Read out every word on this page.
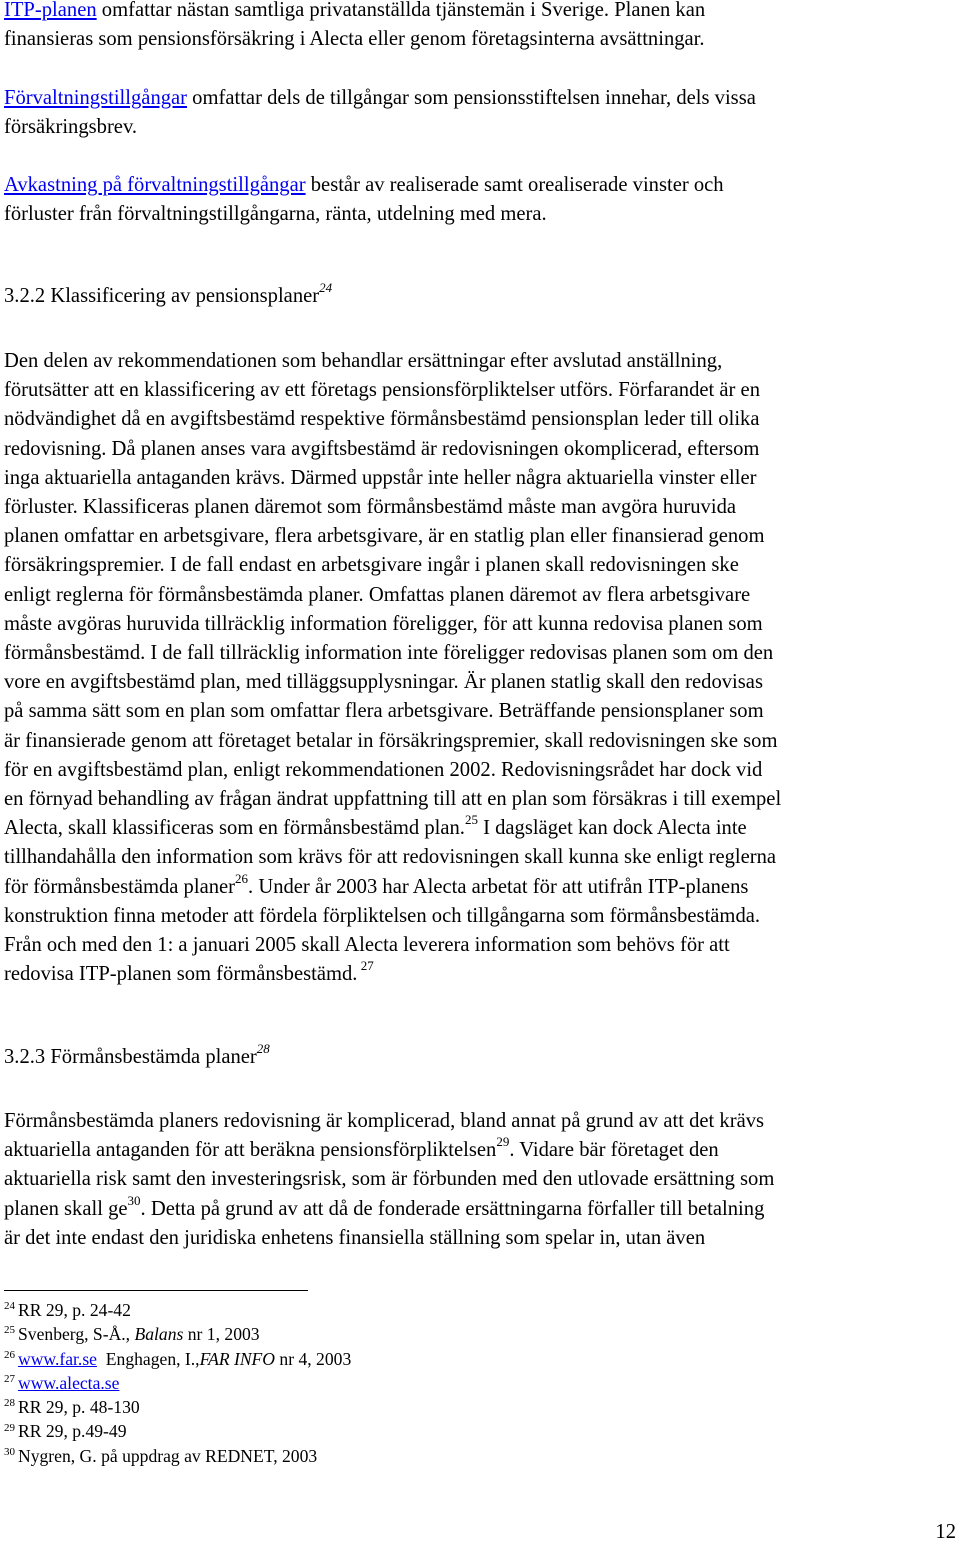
ITP-planen omfattar nästan samtliga privatanställda tjänstemän i Sverige. Planen kan
finansieras som pensionsförsäkring i Alecta eller genom företagsinterna avsättningar.
Förvaltningstillgångar omfattar dels de tillgångar som pensionsstiftelsen innehar, dels vissa
försäkringsbrev.
Avkastning på förvaltningstillgångar består av realiserade samt orealiserade vinster och
förluster från förvaltningstillgångarna, ränta, utdelning med mera.
3.2.2 Klassificering av pensionsplaner$^{24}$
Den delen av rekommendationen som behandlar ersättningar efter avslutad anställning,
förutsätter att en klassificering av ett företags pensionsförpliktelser utförs. Förfarandet är en
nödvändighet då en avgiftsbestämd respektive förmånsbestämd pensionsplan leder till olika
redovisning. Då planen anses vara avgiftsbestämd är redovisningen okomplicerad, eftersom
inga aktuariella antaganden krävs. Därmed uppstår inte heller några aktuariella vinster eller
förluster. Klassificeras planen däremot som förmånsbestämd måste man avgöra huruvida
planen omfattar en arbetsgivare, flera arbetsgivare, är en statlig plan eller finansierad genom
försäkringspremier. I de fall endast en arbetsgivare ingår i planen skall redovisningen ske
enligt reglerna för förmånsbestämda planer. Omfattas planen däremot av flera arbetsgivare
måste avgöras huruvida tillräcklig information föreligger, för att kunna redovisa planen som
förmånsbestämd. I de fall tillräcklig information inte föreligger redovisas planen som om den
vore en avgiftsbestämd plan, med tilläggsupplysningar. Är planen statlig skall den redovisas
på samma sätt som en plan som omfattar flera arbetsgivare. Beträffande pensionsplaner som
är finansierade genom att företaget betalar in försäkringspremier, skall redovisningen ske som
för en avgiftsbestämd plan, enligt rekommendationen 2002. Redovisningsrådet har dock vid
en förnyad behandling av frågan ändrat uppfattning till att en plan som försäkras i till exempel
Alecta, skall klassificeras som en förmånsbestämd plan.$^{25}$ I dagsläget kan dock Alecta inte
tillhandahålla den information som krävs för att redovisningen skall kunna ske enligt reglerna
för förmånsbestämda planer$^{26}$. Under år 2003 har Alecta arbetat för att utifrån ITP-planens
konstruktion finna metoder att fördela förpliktelsen och tillgångarna som förmånsbestämda.
Från och med den 1: a januari 2005 skall Alecta leverera information som behövs för att
redovisa ITP-planen som förmånsbestämd. $^{27}$
3.2.3 Förmånsbestämda planer$^{28}$
Förmånsbestämda planers redovisning är komplicerad, bland annat på grund av att det krävs
aktuariella antaganden för att beräkna pensionsförpliktelsen$^{29}$. Vidare bär företaget den
aktuariella risk samt den investeringsrisk, som är förbunden med den utlovade ersättning som
planen skall ge$^{30}$. Detta på grund av att då de fonderade ersättningarna förfaller till betalning
är det inte endast den juridiska enhetens finansiella ställning som spelar in, utan även
$^{24}$ RR 29, p. 24-42
$^{25}$ Svenberg, S-Å., Balans nr 1, 2003
$^{26}$ www.far.se  Enghagen, I.,FAR INFO nr 4, 2003
$^{27}$ www.alecta.se
$^{28}$ RR 29, p. 48-130
$^{29}$ RR 29, p.49-49
$^{30}$ Nygren, G. på uppdrag av REDNET, 2003
12
